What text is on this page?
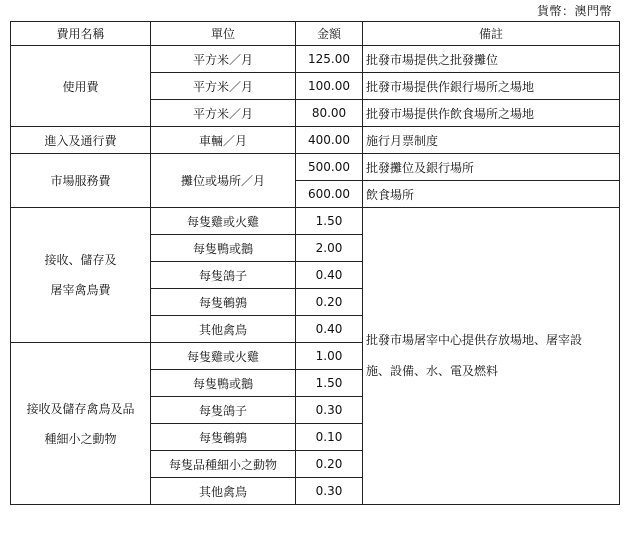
貨幣：澳門幣
費用名稱	單位	金額	備註
使用費	平方米／月	125.00	批發市場提供之批發攤位
	平方米／月	100.00	批發市場提供作銀行場所之場地
	平方米／月	80.00	批發市場提供作飲食場所之場地
進入及通行費	車輛／月	400.00	施行月票制度
市場服務費	攤位或場所／月	500.00	批發攤位及銀行場所
		600.00	飲食場所

接收、儲存及
屠宰禽鳥費	每隻雞或火雞	1.50	批發市場屠宰中心提供存放場地、屠宰設
施、設備、水、電及燃料

	每隻鴨或鵝	2.00	
	每隻鴿子	0.40	
	每隻鵪鶉	0.20	
	其他禽鳥	0.40	

接收及儲存禽鳥及品
種細小之動物	每隻雞或火雞	1.00	
	每隻鴨或鵝	1.50	
	每隻鴿子	0.30	
	每隻鵪鶉	0.10	
	每隻品種細小之動物	0.20	
	其他禽鳥	0.30	
